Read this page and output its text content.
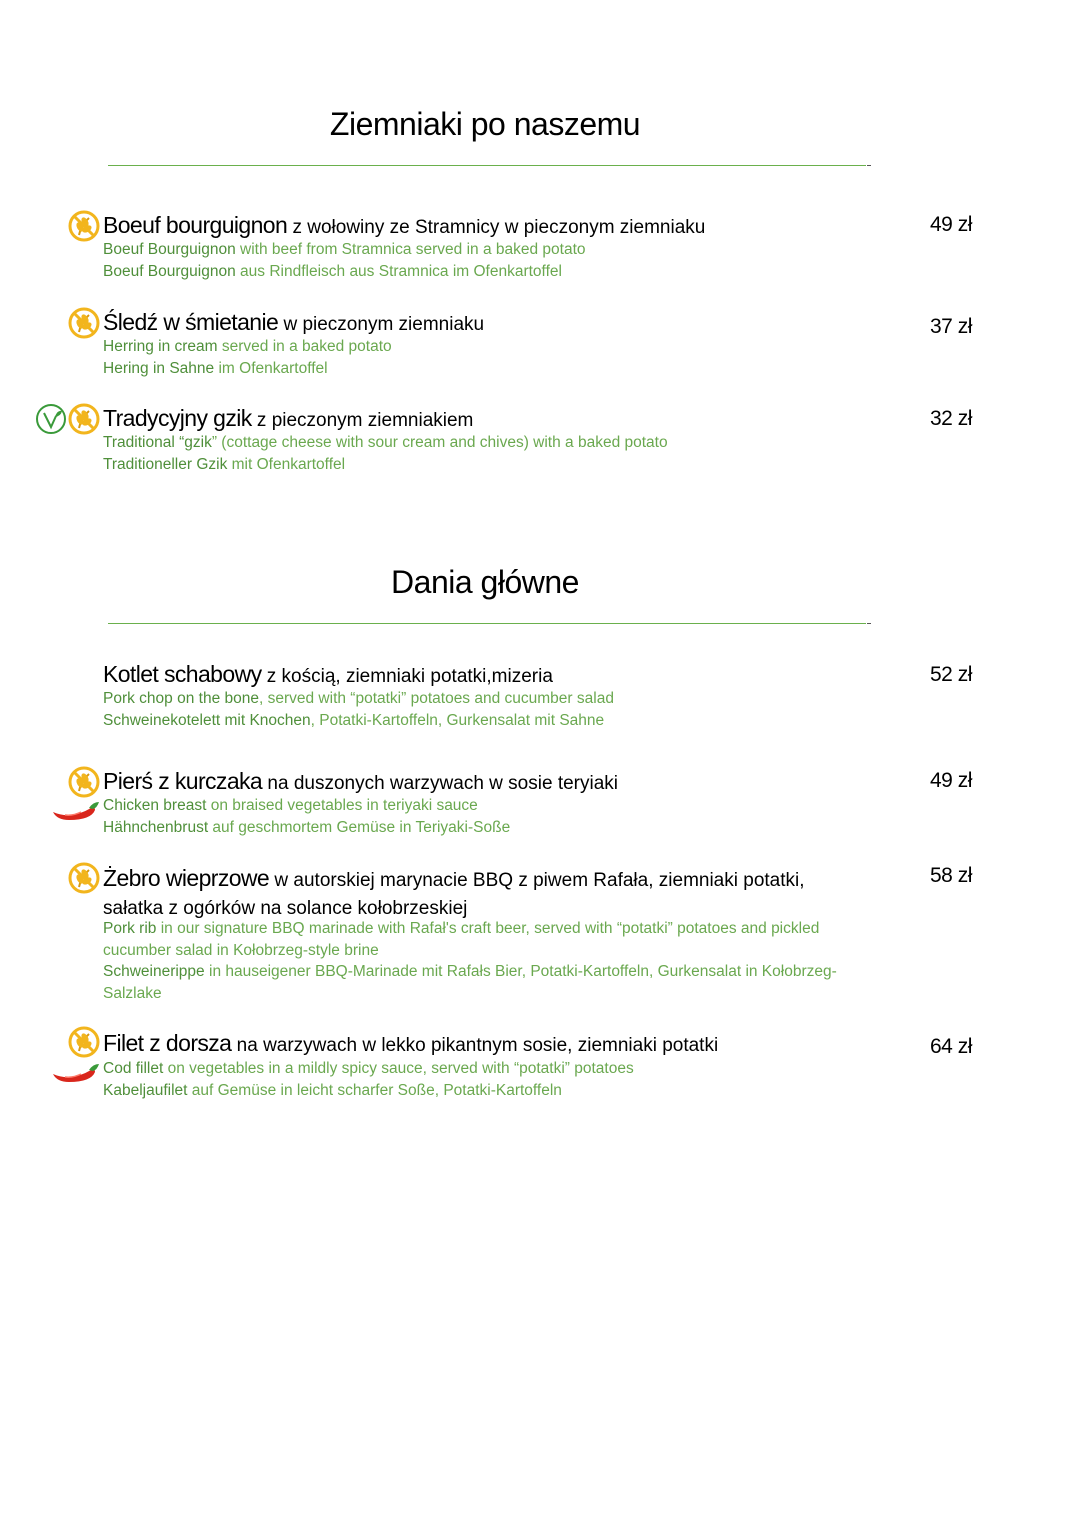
Ziemniaki po naszemu
Boeuf bourguignon z wołowiny ze Stramnicy w pieczonym ziemniaku
Boeuf Bourguignon with beef from Stramnica served in a baked potato
Boeuf Bourguignon aus Rindfleisch aus Stramnica im Ofenkartoffel
49 zł
Śledź w śmietanie w pieczonym ziemniaku
Herring in cream served in a baked potato
Hering in Sahne im Ofenkartoffel
37 zł
Tradycyjny gzik z pieczonym ziemniakiem
Traditional “gzik” (cottage cheese with sour cream and chives) with a baked potato
Traditioneller Gzik mit Ofenkartoffel
32 zł
Dania główne
Kotlet schabowy z kością, ziemniaki potatki,mizeria
Pork chop on the bone, served with “potatki” potatoes and cucumber salad
Schweinekotelett mit Knochen, Potatki-Kartoffeln, Gurkensalat mit Sahne
52 zł
Pierś z kurczaka na duszonych warzywach w sosie teryiaki
Chicken breast on braised vegetables in teriyaki sauce
Hähnchenbrust auf geschmortem Gemüse in Teriyaki-Soße
49 zł
Żebro wieprzowe w autorskiej marynacie BBQ z piwem Rafała, ziemniaki potatki, sałatka z ogórków na solance kołobrzeskiej
Pork rib in our signature BBQ marinade with Rafał's craft beer, served with “potatki” potatoes and pickled cucumber salad in Kołobrzeg-style brine
Schweinerippe in hauseigener BBQ-Marinade mit Rafałs Bier, Potatki-Kartoffeln, Gurkensalat in Kołobrzeg-Salzlake
58 zł
Filet z dorsza na warzywach w lekko pikantnym sosie, ziemniaki potatki
Cod fillet on vegetables in a mildly spicy sauce, served with “potatki” potatoes
Kabeljaufilet auf Gemüse in leicht scharfer Soße, Potatki-Kartoffeln
64 zł
